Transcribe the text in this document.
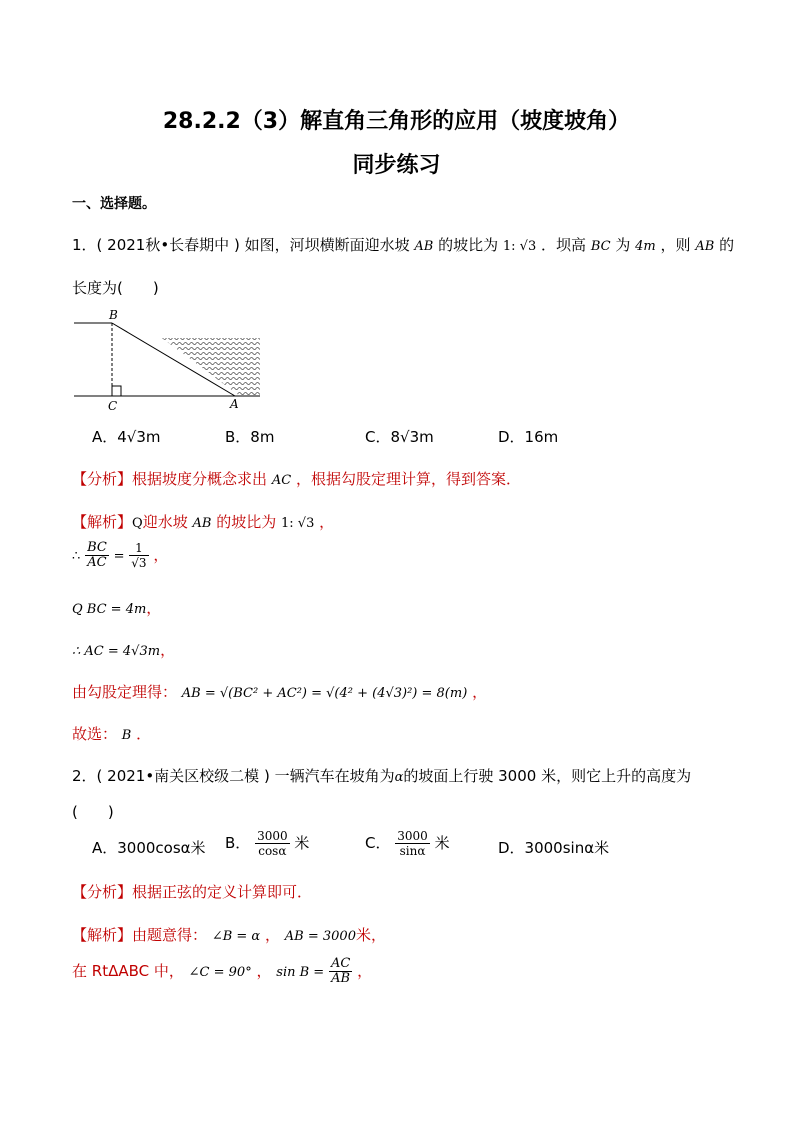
28.2.2（3）解直角三角形的应用（坡度坡角）
同步练习
一、选择题。
1．( 2021秋•长春期中 ) 如图，河坝横断面迎水坡 AB 的坡比为 1: √3 ．坝高 BC 为 4m ，则 AB 的
长度为(　　)
B
C	A
A．4√3m	B．8m	C．8√3m	D．16m
【分析】根据坡度分概念求出 AC ，根据勾股定理计算，得到答案．
【解析】Q迎水坡 AB 的坡比为 1: √3 ，
∴ $\frac{BC}{AC} = \frac{1}{√3}$ ，
Q BC = 4m，
∴ AC = 4√3m，
由勾股定理得： AB = √(BC² + AC²) = √(4² + (4√3)²) = 8(m) ，
故选： B ．
2．( 2021•南关区校级二模 ) 一辆汽车在坡角为α的坡面上行驶 3000 米，则它上升的高度为
(　　)
A．3000cosα米 B． $\frac{3000}{\cos\alpha}$ 米	C． $\frac{3000}{\sin\alpha}$ 米	D．3000sinα米
【分析】根据正弦的定义计算即可．
【解析】由题意得： ∠B = α ， AB = 3000米，
在 RtΔABC 中， ∠C = 90° ， $\sin B = \frac{AC}{AB}$ ，
